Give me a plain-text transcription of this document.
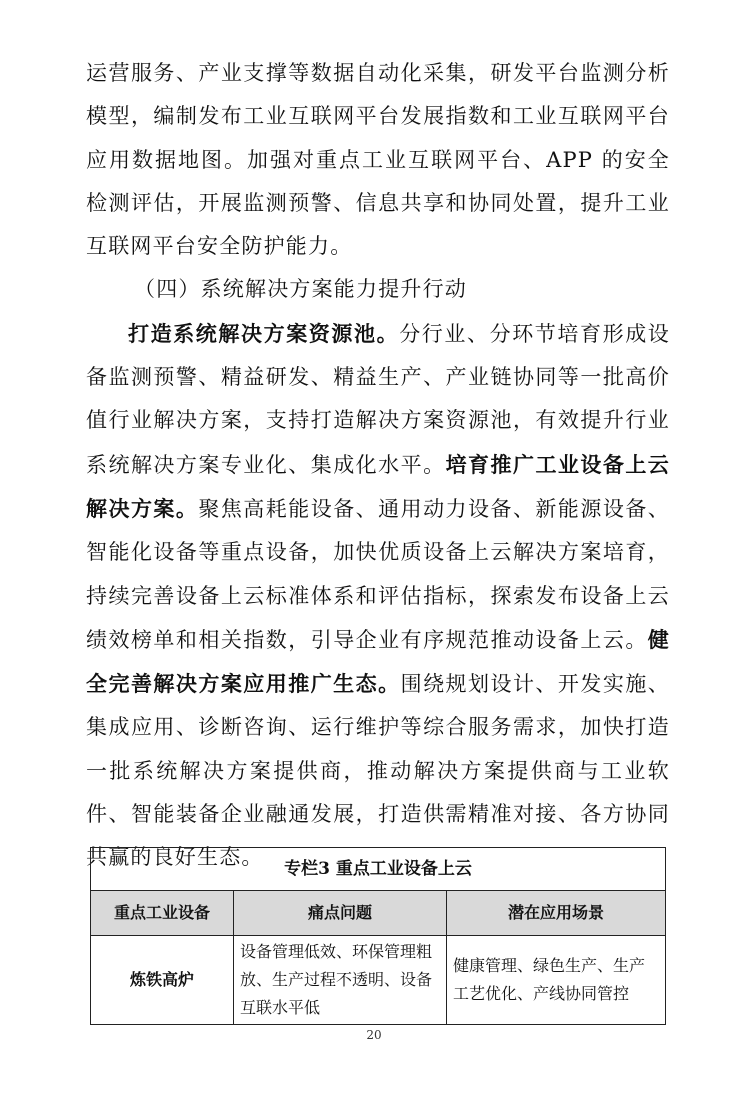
运营服务、产业支撑等数据自动化采集，研发平台监测分析模型，编制发布工业互联网平台发展指数和工业互联网平台应用数据地图。加强对重点工业互联网平台、APP 的安全检测评估，开展监测预警、信息共享和协同处置，提升工业互联网平台安全防护能力。

（四）系统解决方案能力提升行动

打造系统解决方案资源池。分行业、分环节培育形成设备监测预警、精益研发、精益生产、产业链协同等一批高价值行业解决方案，支持打造解决方案资源池，有效提升行业系统解决方案专业化、集成化水平。培育推广工业设备上云解决方案。聚焦高耗能设备、通用动力设备、新能源设备、智能化设备等重点设备，加快优质设备上云解决方案培育，持续完善设备上云标准体系和评估指标，探索发布设备上云绩效榜单和相关指数，引导企业有序规范推动设备上云。健全完善解决方案应用推广生态。围绕规划设计、开发实施、集成应用、诊断咨询、运行维护等综合服务需求，加快打造一批系统解决方案提供商，推动解决方案提供商与工业软件、智能装备企业融通发展，打造供需精准对接、各方协同共赢的良好生态。	专栏3 重点工业设备上云		
重点工业设备	痛点问题	潜在应用场景
炼铁高炉	设备管理低效、环保管理粗放、生产过程不透明、设备互联水平低	健康管理、绿色生产、生产工艺优化、产线协同管控
20
